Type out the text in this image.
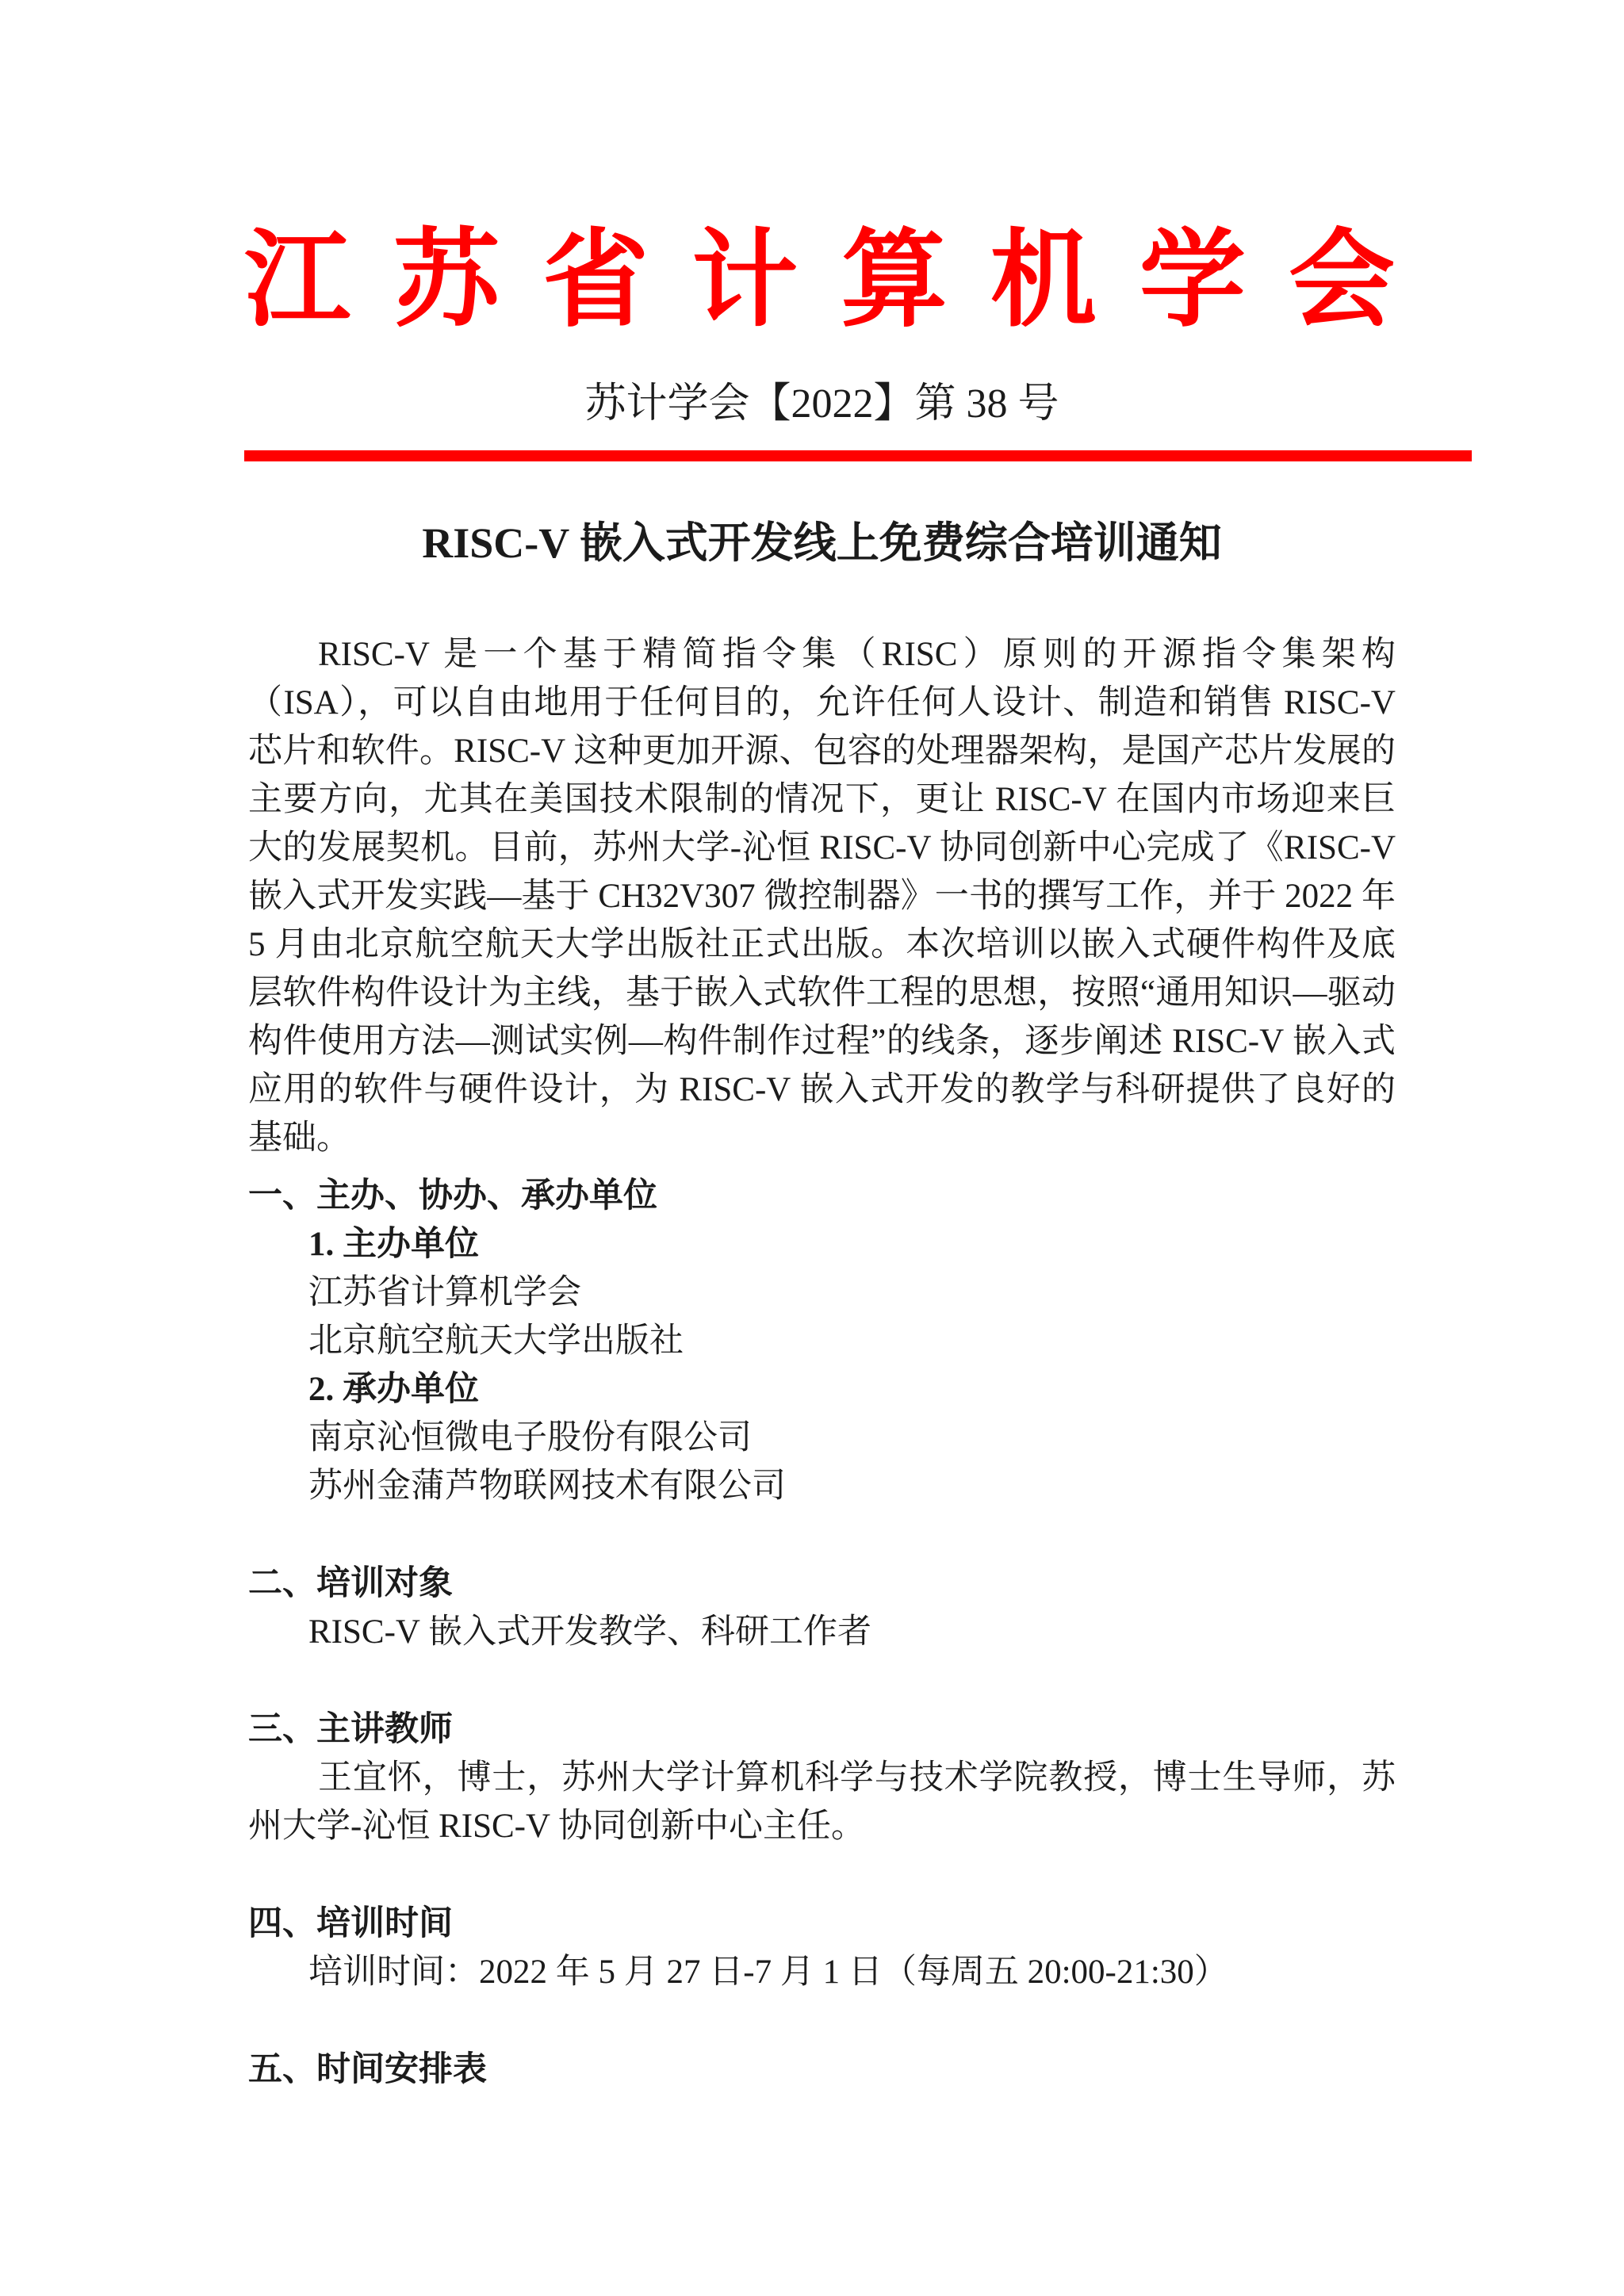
江 苏 省 计 算 机 学 会
苏计学会【2022】第 38 号
RISC-V 嵌入式开发线上免费综合培训通知

RISC-V 是一个基于精简指令集（RISC）原则的开源指令集架构（ISA），可以自由地用于任何目的，允许任何人设计、制造和销售 RISC-V 芯片和软件。RISC-V 这种更加开源、包容的处理器架构，是国产芯片发展的主要方向，尤其在美国技术限制的情况下，更让 RISC-V 在国内市场迎来巨大的发展契机。目前，苏州大学-沁恒 RISC-V 协同创新中心完成了《RISC-V 嵌入式开发实践—基于 CH32V307 微控制器》一书的撰写工作，并于 2022 年 5 月由北京航空航天大学出版社正式出版。本次培训以嵌入式硬件构件及底层软件构件设计为主线，基于嵌入式软件工程的思想，按照“通用知识—驱动构件使用方法—测试实例—构件制作过程”的线条，逐步阐述 RISC-V 嵌入式应用的软件与硬件设计，为 RISC-V 嵌入式开发的教学与科研提供了良好的基础。

一、主办、协办、承办单位
1. 主办单位
江苏省计算机学会
北京航空航天大学出版社
2. 承办单位
南京沁恒微电子股份有限公司
苏州金蒲芦物联网技术有限公司
二、培训对象
RISC-V 嵌入式开发教学、科研工作者
三、主讲教师

王宜怀，博士，苏州大学计算机科学与技术学院教授，博士生导师，苏州大学-沁恒 RISC-V 协同创新中心主任。

四、培训时间
培训时间：2022 年 5 月 27 日-7 月 1 日（每周五 20:00-21:30）
五、时间安排表
